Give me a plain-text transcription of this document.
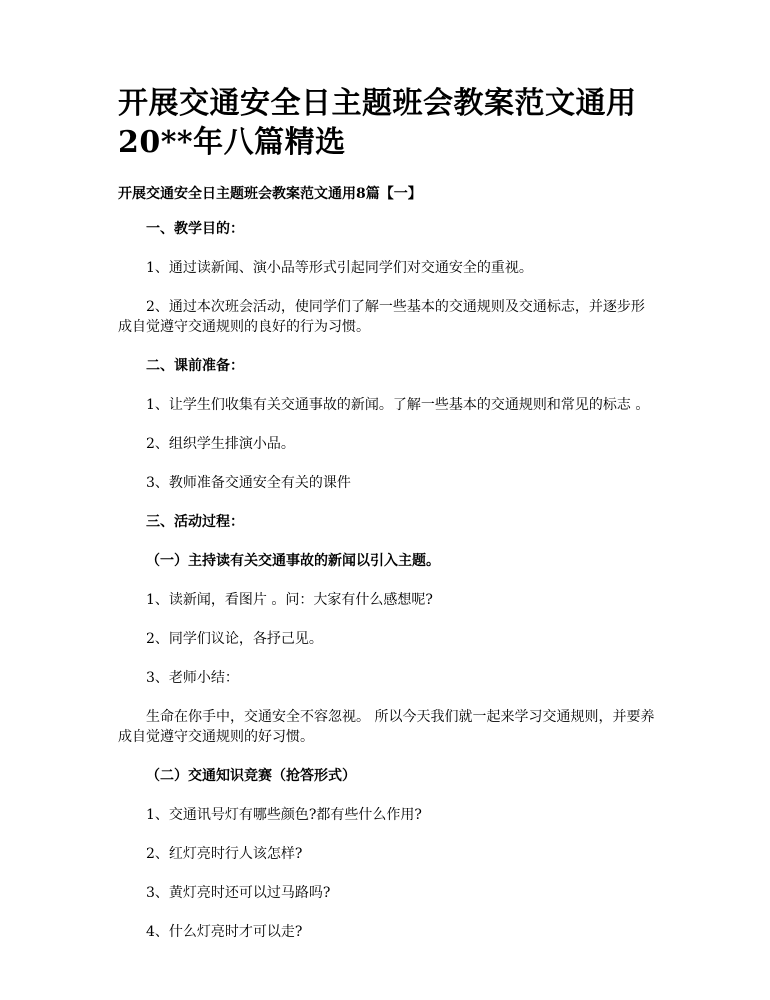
开展交通安全日主题班会教案范文通用20**年八篇精选
开展交通安全日主题班会教案范文通用8篇【一】

一、教学目的：

1、通过读新闻、演小品等形式引起同学们对交通安全的重视。

2、通过本次班会活动，使同学们了解一些基本的交通规则及交通标志，并逐步形成自觉遵守交通规则的良好的行为习惯。

二、课前准备：

1、让学生们收集有关交通事故的新闻。了解一些基本的交通规则和常见的标志 。

2、组织学生排演小品。

3、教师准备交通安全有关的课件

三、活动过程：

（一）主持读有关交通事故的新闻以引入主题。

1、读新闻，看图片 。问：大家有什么感想呢?

2、同学们议论，各抒己见。

3、老师小结：

生命在你手中，交通安全不容忽视。 所以今天我们就一起来学习交通规则，并要养成自觉遵守交通规则的好习惯。

（二）交通知识竞赛（抢答形式）

1、交通讯号灯有哪些颜色?都有些什么作用?

2、红灯亮时行人该怎样?

3、黄灯亮时还可以过马路吗?

4、什么灯亮时才可以走?
